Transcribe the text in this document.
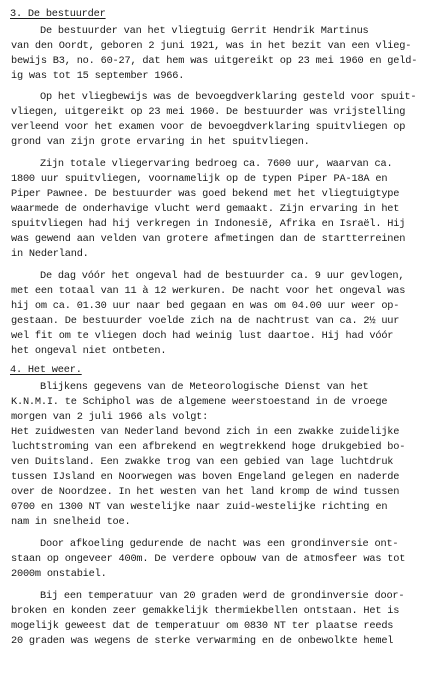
3. De bestuurder
De bestuurder van het vliegtuig Gerrit Hendrik Martinus
van den Oordt, geboren 2 juni 1921, was in het bezit van een vlieg-
bewijs B3, no. 60-27, dat hem was uitgereikt op 23 mei 1960 en geld-
ig was tot 15 september 1966.
Op het vliegbewijs was de bevoegdverklaring gesteld voor spuit-
vliegen, uitgereikt op 23 mei 1960. De bestuurder was vrijstelling
verleend voor het examen voor de bevoegdverklaring spuitvliegen op
grond van zijn grote ervaring in het spuitvliegen.
Zijn totale vliegervaring bedroeg ca. 7600 uur, waarvan ca.
1800 uur spuitvliegen, voornamelijk op de typen Piper PA-18A en
Piper Pawnee. De bestuurder was goed bekend met het vliegtuigtype
waarmede de onderhavige vlucht werd gemaakt. Zijn ervaring in het
spuitvliegen had hij verkregen in Indonesië, Afrika en Israël. Hij
was gewend aan velden van grotere afmetingen dan de startterreinen
in Nederland.
De dag vóór het ongeval had de bestuurder ca. 9 uur gevlogen,
met een totaal van 11 à 12 werkuren. De nacht voor het ongeval was
hij om ca. 01.30 uur naar bed gegaan en was om 04.00 uur weer op-
gestaan. De bestuurder voelde zich na de nachtrust van ca. 2½ uur
wel fit om te vliegen doch had weinig lust daartoe. Hij had vóór
het ongeval niet ontbeten.
4. Het weer.
Blijkens gegevens van de Meteorologische Dienst van het
K.N.M.I. te Schiphol was de algemene weerstoestand in de vroege
morgen van 2 juli 1966 als volgt:
Het zuidwesten van Nederland bevond zich in een zwakke zuidelijke
luchtstroming van een afbrekend en wegtrekkend hoge drukgebied bo-
ven Duitsland. Een zwakke trog van een gebied van lage luchtdruk
tussen IJsland en Noorwegen was boven Engeland gelegen en naderde
over de Noordzee. In het westen van het land kromp de wind tussen
0700 en 1300 NT van westelijke naar zuid-westelijke richting en
nam in snelheid toe.
Door afkoeling gedurende de nacht was een grondinversie ont-
staan op ongeveer 400m. De verdere opbouw van de atmosfeer was tot
2000m onstabiel.
Bij een temperatuur van 20 graden werd de grondinversie door-
broken en konden zeer gemakkelijk thermiekbellen ontstaan. Het is
mogelijk geweest dat de temperatuur om 0830 NT ter plaatse reeds
20 graden was wegens de sterke verwarming en de onbewolkte hemel
